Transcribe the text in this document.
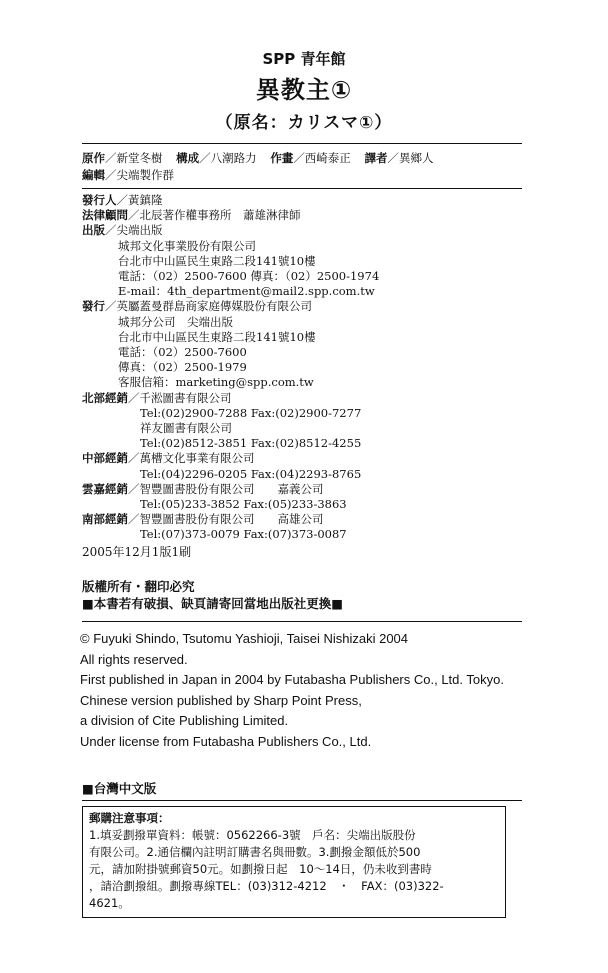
SPP 青年館
異教主①
（原名：カリスマ①）
原作／新堂冬樹 構成／八潮路力 作畫／西崎泰正 譯者／異鄉人
編輯／尖端製作群
發行人／黃鎮隆
法律顧問／北辰著作權事務所　蕭雄淋律師
出版／尖端出版
城邦文化事業股份有限公司
台北市中山區民生東路二段141號10樓
電話：（02）2500-7600 傳真：（02）2500-1974
E-mail：4th_department@mail2.spp.com.tw
發行／英屬蓋曼群島商家庭傳媒股份有限公司
城邦分公司　尖端出版
台北市中山區民生東路二段141號10樓
電話：（02）2500-7600
傳真：（02）2500-1979
客服信箱：marketing@spp.com.tw
北部經銷／千淞圖書有限公司
Tel:(02)2900-7288 Fax:(02)2900-7277
祥友圖書有限公司
Tel:(02)8512-3851 Fax:(02)8512-4255
中部經銷／萬槽文化事業有限公司
Tel:(04)2296-0205 Fax:(04)2293-8765
雲嘉經銷／智豐圖書股份有限公司　　嘉義公司
Tel:(05)233-3852 Fax:(05)233-3863
南部經銷／智豐圖書股份有限公司　　高雄公司
Tel:(07)373-0079 Fax:(07)373-0087
2005年12月1版1刷
版權所有・翻印必究
■本書若有破損、缺頁請寄回當地出版社更換■
© Fuyuki Shindo, Tsutomu Yashioji, Taisei Nishizaki 2004
All rights reserved.
First published in Japan in 2004 by Futabasha Publishers Co., Ltd. Tokyo.
Chinese version published by Sharp Point Press,
a division of Cite Publishing Limited.
Under license from Futabasha Publishers Co., Ltd.
■台灣中文版
郵購注意事項：
1.填妥劃撥單資料：帳號：0562266-3號　戶名：尖端出版股份
有限公司。2.通信欄內註明訂購書名與冊數。3.劃撥金額低於500
元，請加附掛號郵資50元。如劃撥日起　10～14日，仍未收到書時
，請洽劃撥組。劃撥專線TEL：(03)312-4212　・　FAX：(03)322-
4621。
